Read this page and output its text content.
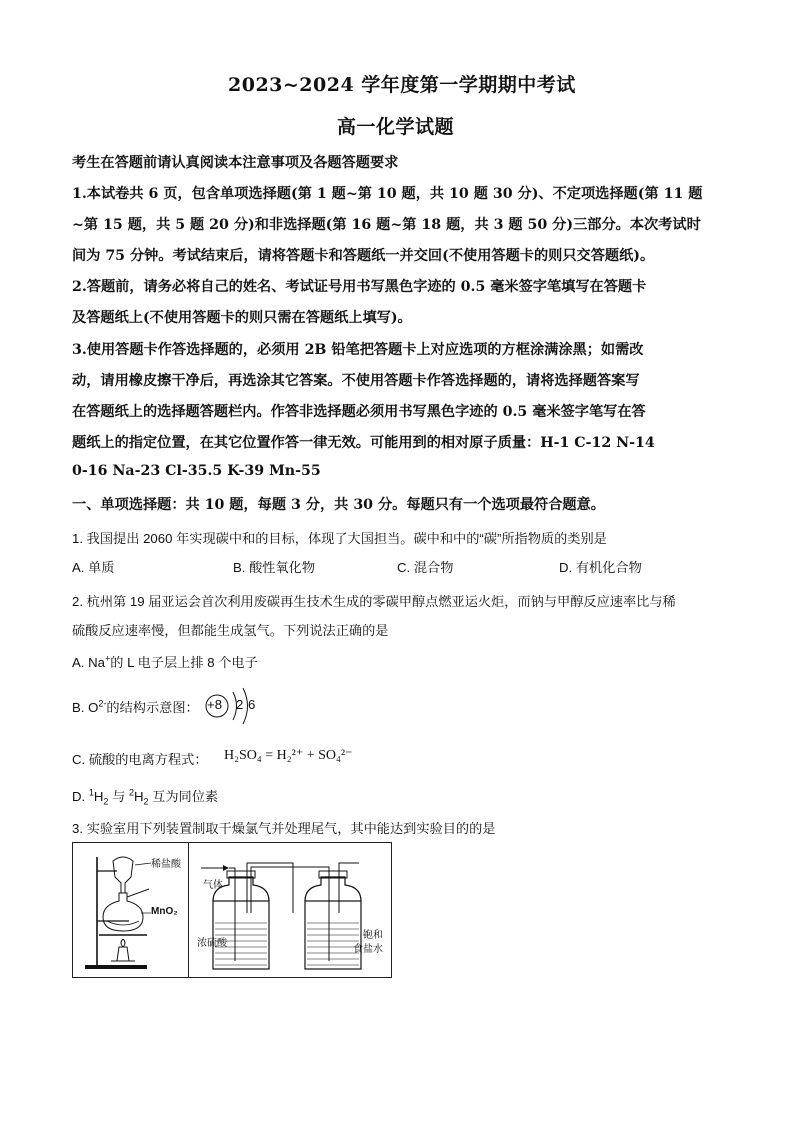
2023~2024 学年度第一学期期中考试
高一化学试题
考生在答题前请认真阅读本注意事项及各题答题要求
1.本试卷共 6 页，包含单项选择题(第 1 题~第 10 题，共 10 题 30 分)、不定项选择题(第 11 题
~第 15 题，共 5 题 20 分)和非选择题(第 16 题~第 18 题，共 3 题 50 分)三部分。本次考试时
间为 75 分钟。考试结束后，请将答题卡和答题纸一并交回(不使用答题卡的则只交答题纸)。
2.答题前，请务必将自己的姓名、考试证号用书写黑色字迹的 0.5 毫米签字笔填写在答题卡
及答题纸上(不使用答题卡的则只需在答题纸上填写)。
3.使用答题卡作答选择题的，必须用 2B 铅笔把答题卡上对应选项的方框涂满涂黑；如需改
动，请用橡皮擦干净后，再选涂其它答案。不使用答题卡作答选择题的，请将选择题答案写
在答题纸上的选择题答题栏内。作答非选择题必须用书写黑色字迹的 0.5 毫米签字笔写在答
题纸上的指定位置，在其它位置作答一律无效。可能用到的相对原子质量：H-1 C-12 N-14
0-16 Na-23 Cl-35.5 K-39 Mn-55
一、单项选择题：共 10 题，每题 3 分，共 30 分。每题只有一个选项最符合题意。
1. 我国提出 2060 年实现碳中和的目标，体现了大国担当。碳中和中的“碳”所指物质的类别是
A. 单质	B. 酸性氧化物	C. 混合物	D. 有机化合物
2. 杭州第 19 届亚运会首次利用废碳再生技术生成的零碳甲醇点燃亚运火炬，而钠与甲醇反应速率比与稀
硫酸反应速率慢，但都能生成氢气。下列说法正确的是
A. Na+的 L 电子层上排 8 个电子
B. $O^{2-}$的结构示意图： +8 2 6
C. 硫酸的电离方程式： H₂SO₄ = H₂²⁺ + SO₄²⁻
D. $^1H_2$ 与 $^2H_2$ 互为同位素
3. 实验室用下列装置制取干燥氯气并处理尾气，其中能达到实验目的的是
稀盐酸
MnO₂
气体
浓硫酸
饱和
食盐水
